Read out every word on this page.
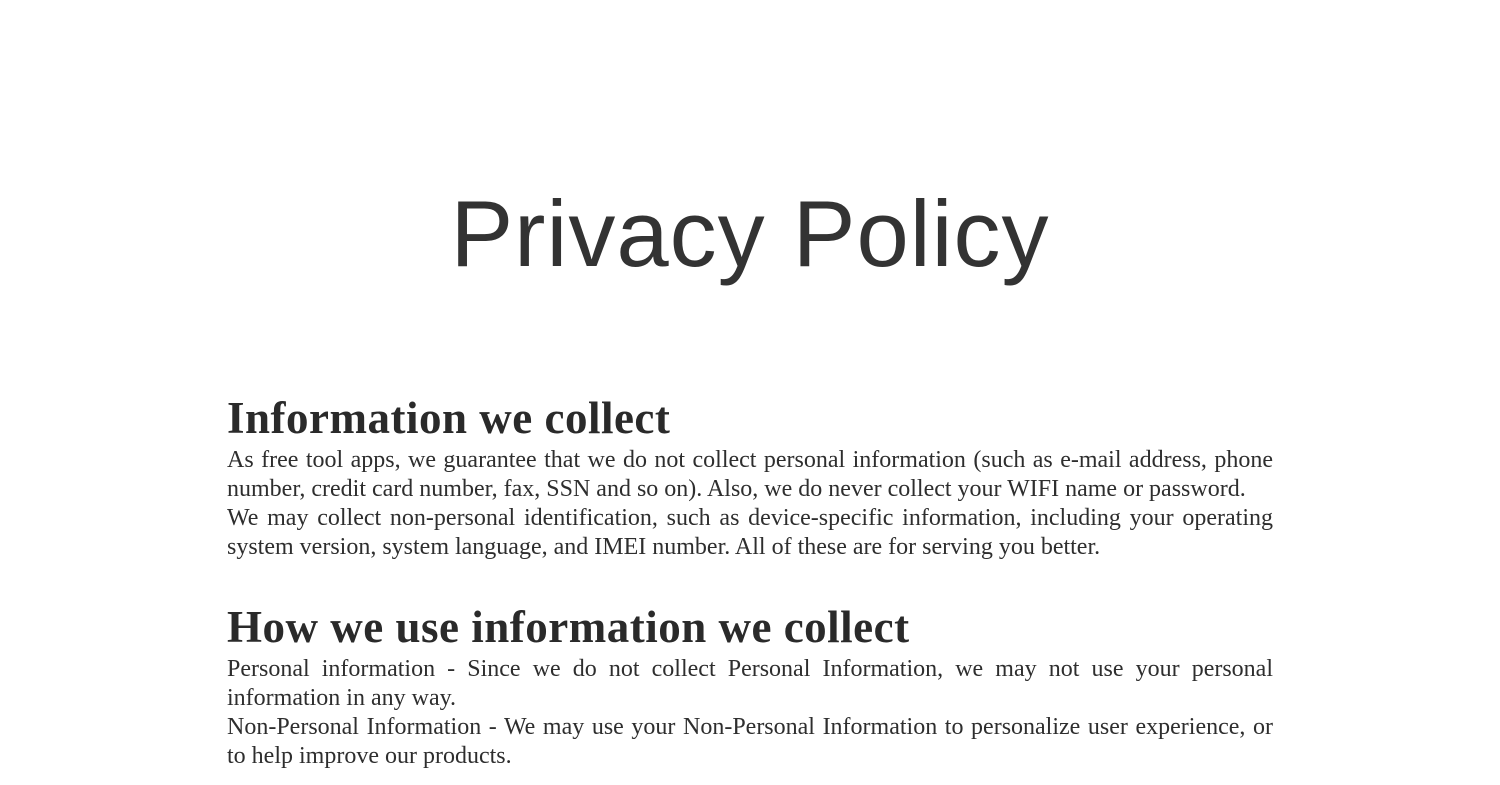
Privacy Policy
Information we collect

As free tool apps, we guarantee that we do not collect personal information (such as e-mail address, phone number, credit card number, fax, SSN and so on). Also, we do never collect your WIFI name or password.

We may collect non-personal identification, such as device-specific information, including your operating system version, system language, and IMEI number. All of these are for serving you better.

How we use information we collect

Personal information - Since we do not collect Personal Information, we may not use your personal information in any way.

Non-Personal Information - We may use your Non-Personal Information to personalize user experience, or to help improve our products.
